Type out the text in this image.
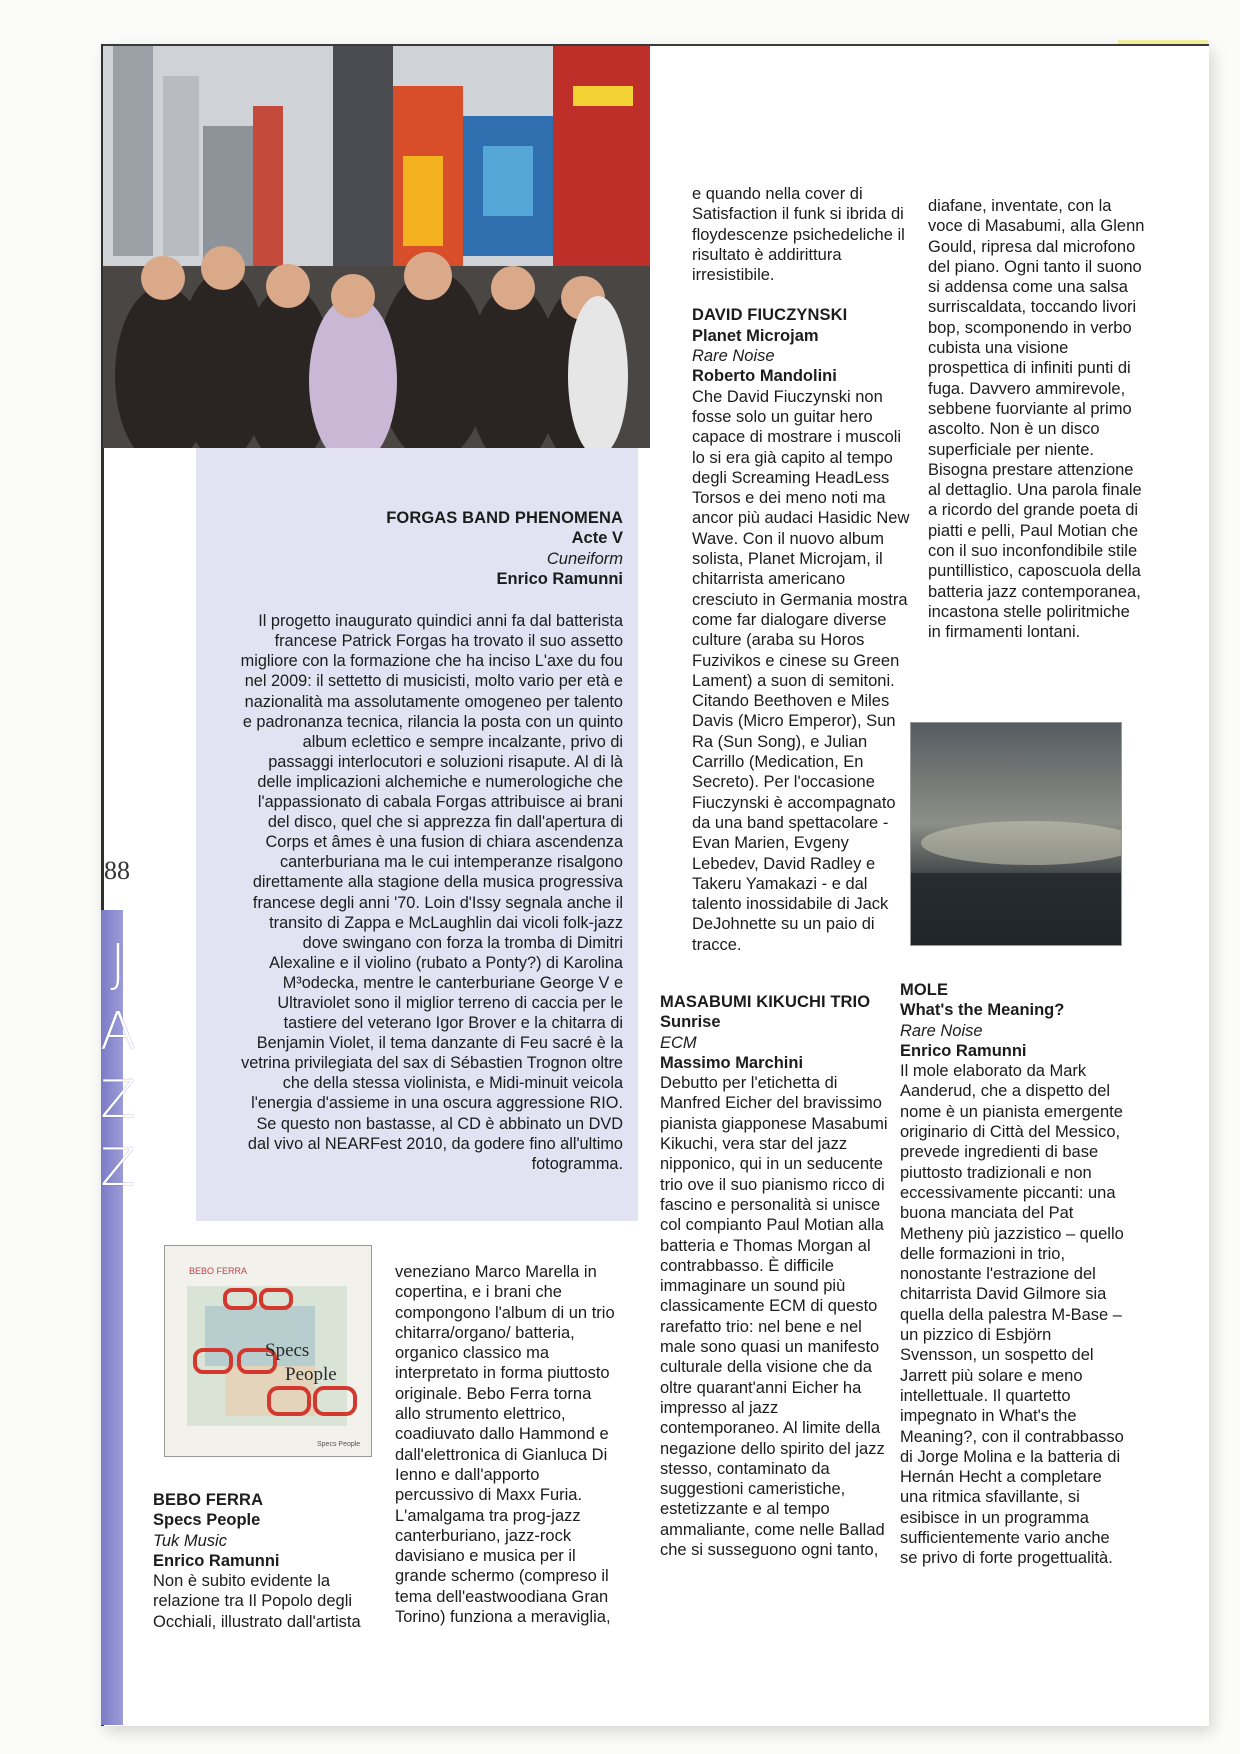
88
J
A
Z
Z
FORGAS BAND PHENOMENA
Acte V
Cuneiform
Enrico Ramunni

Il progetto inaugurato quindici anni fa dal batterista francese Patrick Forgas ha trovato il suo assetto migliore con la formazione che ha inciso L'axe du fou nel 2009: il settetto di musicisti, molto vario per età e nazionalità ma assolutamente omogeneo per talento e padronanza tecnica, rilancia la posta con un quinto album eclettico e sempre incalzante, privo di passaggi interlocutori e soluzioni risapute. Al di là delle implicazioni alchemiche e numerologiche che l'appassionato di cabala Forgas attribuisce ai brani del disco, quel che si apprezza fin dall'apertura di Corps et âmes è una fusion di chiara ascendenza canterburiana ma le cui intemperanze risalgono direttamente alla stagione della musica progressiva francese degli anni '70. Loin d'Issy segnala anche il transito di Zappa e McLaughlin dai vicoli folk-jazz dove swingano con forza la tromba di Dimitri Alexaline e il violino (rubato a Ponty?) di Karolina M³odecka, mentre le canterburiane George V e Ultraviolet sono il miglior terreno di caccia per le tastiere del veterano Igor Brover e la chitarra di Benjamin Violet, il tema danzante di Feu sacré è la vetrina privilegiata del sax di Sébastien Trognon oltre che della stessa violinista, e Midi-minuit veicola l'energia d'assieme in una oscura aggressione RIO. Se questo non bastasse, al CD è abbinato un DVD dal vivo al NEARFest 2010, da godere fino all'ultimo fotogramma.

e quando nella cover di Satisfaction il funk si ibrida di floydescenze psichedeliche il risultato è addirittura irresistibile.

DAVID FIUCZYNSKI
Planet Microjam
Rare Noise
Roberto Mandolini

Che David Fiuczynski non fosse solo un guitar hero capace di mostrare i muscoli lo si era già capito al tempo degli Screaming HeadLess Torsos e dei meno noti ma ancor più audaci Hasidic New Wave. Con il nuovo album solista, Planet Microjam, il chitarrista americano cresciuto in Germania mostra come far dialogare diverse culture (araba su Horos Fuzivikos e cinese su Green Lament) a suon di semitoni. Citando Beethoven e Miles Davis (Micro Emperor), Sun Ra (Sun Song), e Julian Carrillo (Medication, En Secreto). Per l'occasione Fiuczynski è accompagnato da una band spettacolare - Evan Marien, Evgeny Lebedev, David Radley e Takeru Yamakazi - e dal talento inossidabile di Jack DeJohnette su un paio di tracce.

diafane, inventate, con la voce di Masabumi, alla Glenn Gould, ripresa dal microfono del piano. Ogni tanto il suono si addensa come una salsa surriscaldata, toccando livori bop, scomponendo in verbo cubista una visione prospettica di infiniti punti di fuga. Davvero ammirevole, sebbene fuorviante al primo ascolto. Non è un disco superficiale per niente. Bisogna prestare attenzione al dettaglio. Una parola finale a ricordo del grande poeta di piatti e pelli, Paul Motian che con il suo inconfondibile stile puntillistico, caposcuola della batteria jazz contemporanea, incastona stelle poliritmiche in firmamenti lontani.

MASABUMI KIKUCHI TRIO
Sunrise
ECM
Massimo Marchini

Debutto per l'etichetta di Manfred Eicher del bravissimo pianista giapponese Masabumi Kikuchi, vera star del jazz nipponico, qui in un seducente trio ove il suo pianismo ricco di fascino e personalità si unisce col compianto Paul Motian alla batteria e Thomas Morgan al contrabbasso. È difficile immaginare un sound più classicamente ECM di questo rarefatto trio: nel bene e nel male sono quasi un manifesto culturale della visione che da oltre quarant'anni Eicher ha impresso al jazz contemporaneo. Al limite della negazione dello spirito del jazz stesso, contaminato da suggestioni cameristiche, estetizzante e al tempo ammaliante, come nelle Ballad che si susseguono ogni tanto,

MOLE
What's the Meaning?
Rare Noise
Enrico Ramunni

Il mole elaborato da Mark Aanderud, che a dispetto del nome è un pianista emergente originario di Città del Messico, prevede ingredienti di base piuttosto tradizionali e non eccessivamente piccanti: una buona manciata del Pat Metheny più jazzistico – quello delle formazioni in trio, nonostante l'estrazione del chitarrista David Gilmore sia quella della palestra M-Base – un pizzico di Esbjörn Svensson, un sospetto del Jarrett più solare e meno intellettuale. Il quartetto impegnato in What's the Meaning?, con il contrabbasso di Jorge Molina e la batteria di Hernán Hecht a completare una ritmica sfavillante, si esibisce in un programma sufficientemente vario anche se privo di forte progettualità.

BEBO FERRA
Specs
People
Specs People
BEBO FERRA
Specs People
Tuk Music
Enrico Ramunni

Non è subito evidente la relazione tra Il Popolo degli Occhiali, illustrato dall'artista

veneziano Marco Marella in copertina, e i brani che compongono l'album di un trio chitarra/organo/ batteria, organico classico ma interpretato in forma piuttosto originale. Bebo Ferra torna allo strumento elettrico, coadiuvato dallo Hammond e dall'elettronica di Gianluca Di Ienno e dall'apporto percussivo di Maxx Furia. L'amalgama tra prog-jazz canterburiano, jazz-rock davisiano e musica per il grande schermo (compreso il tema dell'eastwoodiana Gran Torino) funziona a meraviglia,
